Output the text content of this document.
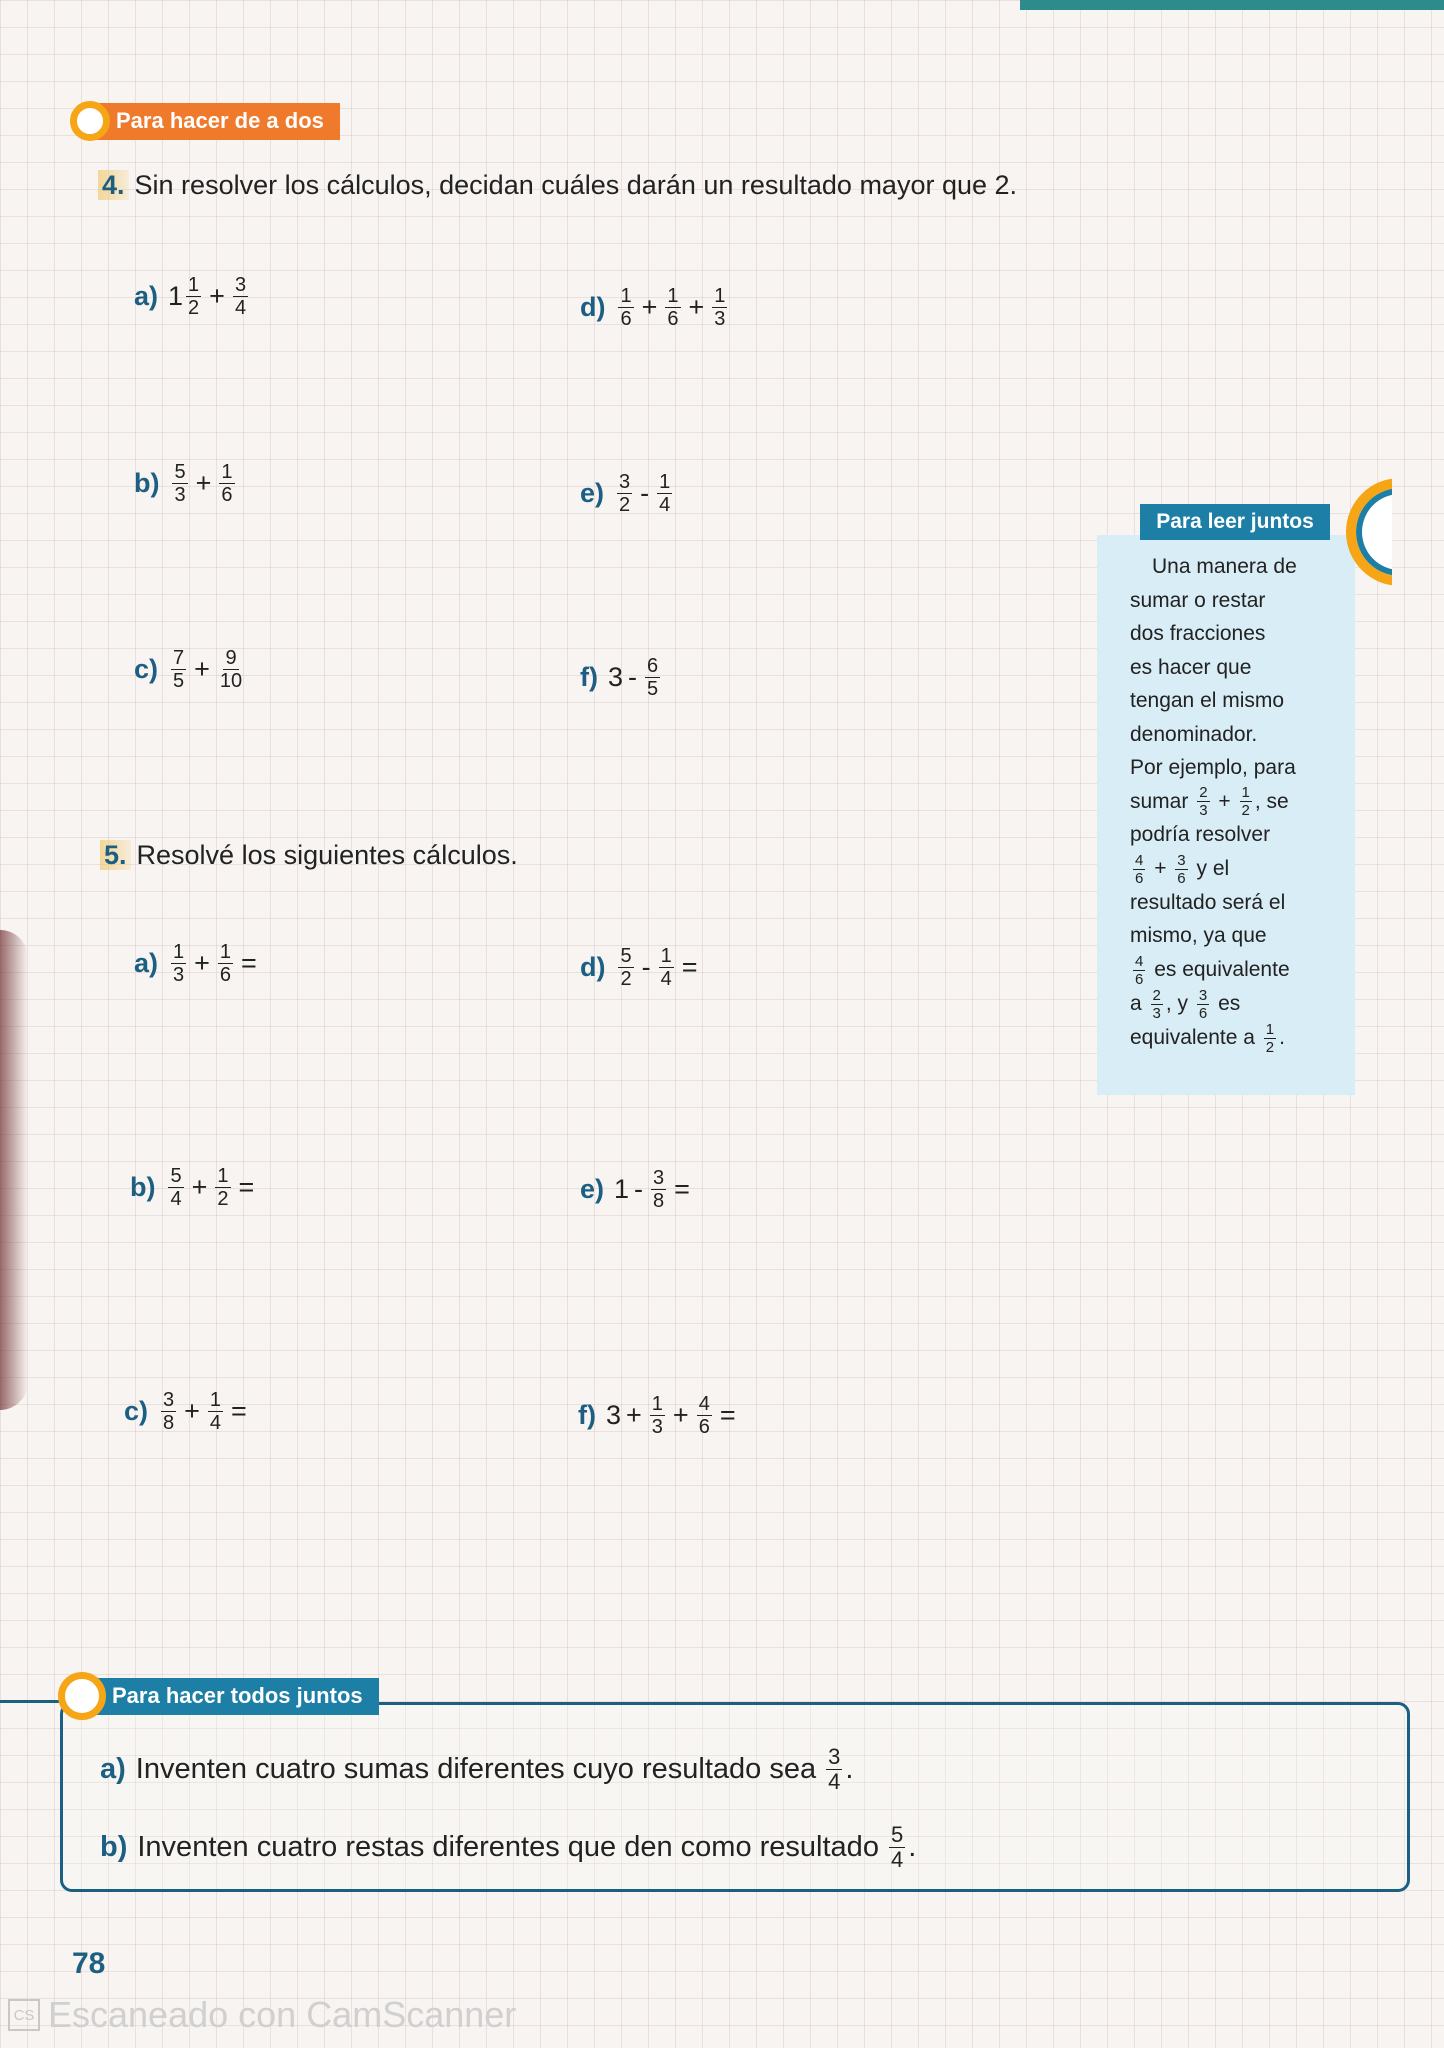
Para hacer de a dos
4. Sin resolver los cálculos, decidan cuáles darán un resultado mayor que 2.
a) $1 \frac{1}{2} + \frac{3}{4}$
$b) \frac{5}{3} + \frac{1}{6}$
$c) \frac{7}{5} + \frac{9}{10}$
$d) \frac{1}{6} + \frac{1}{6} + \frac{1}{3}$
$e) \frac{3}{2} - \frac{1}{4}$
f) $3 - \frac{6}{5}$
5. Resolvé los siguientes cálculos.
$a) \frac{1}{3} + \frac{1}{6}$ =
$b) \frac{5}{4} + \frac{1}{2}$ =
$c) \frac{3}{8} + \frac{1}{4}$ =
$d) \frac{5}{2} - \frac{1}{4}$ =
e) $1 - \frac{3}{8}$ =
f) $3 + \frac{1}{3} + \frac{4}{6}$ =
Para leer juntos
Una manera de
sumar o restar
dos fracciones
es hacer que
tengan el mismo
denominador.
Por ejemplo, para
sumar $\frac{2}{3} + \frac{1}{2}$ , se
podría resolver
$\frac{4}{6} + \frac{3}{6}$ y el
resultado será el
mismo, ya que
$\frac{4}{6}$ es equivalente
a $\frac{2}{3}$ , y $\frac{3}{6}$ es
equivalente a $\frac{1}{2}$ .
Para hacer todos juntos
a) Inventen cuatro sumas diferentes cuyo resultado sea $\frac{3}{4}$ .
b) Inventen cuatro restas diferentes que den como resultado $\frac{5}{4}$ .
78
CS Escaneado con CamScanner
